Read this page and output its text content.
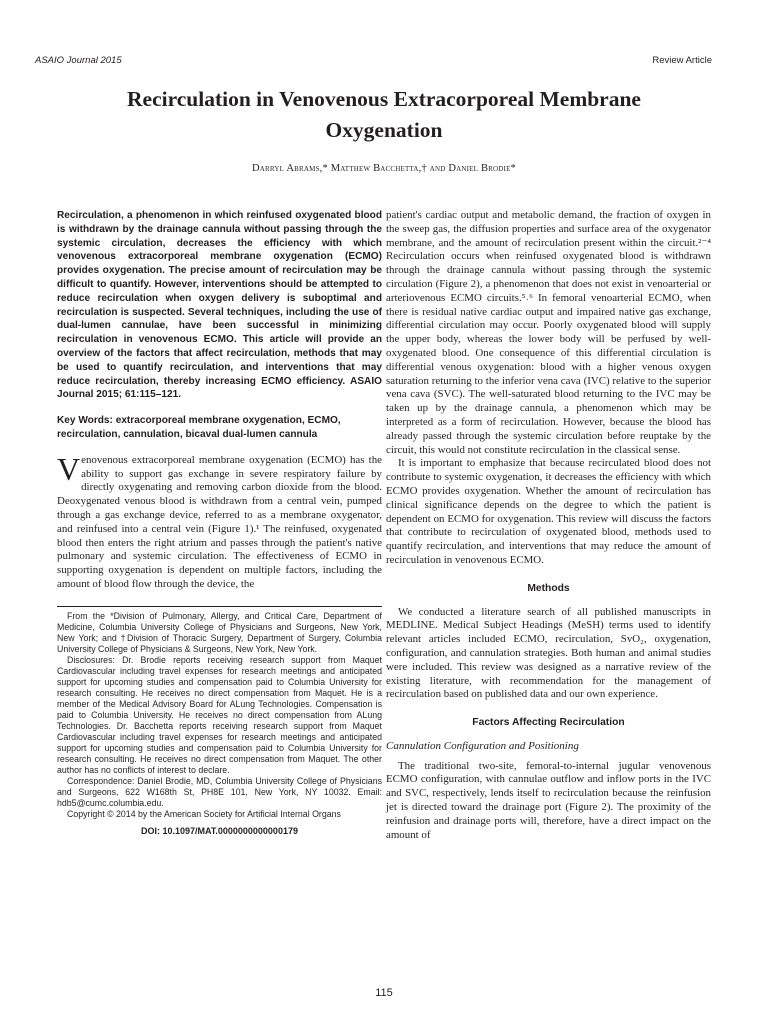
ASAIO Journal 2015	Review Article
Recirculation in Venovenous Extracorporeal Membrane
Oxygenation
Darryl Abrams,* Matthew Bacchetta,† and Daniel Brodie*

Recirculation, a phenomenon in which reinfused oxygenated blood is withdrawn by the drainage cannula without passing through the systemic circulation, decreases the efficiency with which venovenous extracorporeal membrane oxygenation (ECMO) provides oxygenation. The precise amount of recirculation may be difficult to quantify. However, interventions should be attempted to reduce recirculation when oxygen delivery is suboptimal and recirculation is suspected. Several techniques, including the use of dual-lumen cannulae, have been successful in minimizing recirculation in venovenous ECMO. This article will provide an overview of the factors that affect recirculation, methods that may be used to quantify recirculation, and interventions that may reduce recirculation, thereby increasing ECMO efficiency. ASAIO Journal 2015; 61:115–121.

Key Words: extracorporeal membrane oxygenation, ECMO, recirculation, cannulation, bicaval dual-lumen cannula

Venovenous extracorporeal membrane oxygenation (ECMO) has the ability to support gas exchange in severe respiratory failure by directly oxygenating and removing carbon dioxide from the blood. Deoxygenated venous blood is withdrawn from a central vein, pumped through a gas exchange device, referred to as a membrane oxygenator, and reinfused into a central vein (Figure 1).¹ The reinfused, oxygenated blood then enters the right atrium and passes through the patient's native pulmonary and systemic circulation. The effectiveness of ECMO in supporting oxygenation is dependent on multiple factors, including the amount of blood flow through the device, the

From the *Division of Pulmonary, Allergy, and Critical Care, Department of Medicine, Columbia University College of Physicians and Surgeons, New York, New York; and †Division of Thoracic Surgery, Department of Surgery, Columbia University College of Physicians & Surgeons, New York, New York.

Disclosures: Dr. Brodie reports receiving research support from Maquet Cardiovascular including travel expenses for research meetings and anticipated support for upcoming studies and compensation paid to Columbia University for research consulting. He receives no direct compensation from Maquet. He is a member of the Medical Advisory Board for ALung Technologies. Compensation is paid to Columbia University. He receives no direct compensation from ALung Technologies. Dr. Bacchetta reports receiving research support from Maquet Cardiovascular including travel expenses for research meetings and anticipated support for upcoming studies and compensation paid to Columbia University for research consulting. He receives no direct compensation from Maquet. The other author has no conflicts of interest to declare.

Correspondence: Daniel Brodie, MD, Columbia University College of Physicians and Surgeons, 622 W168th St, PH8E 101, New York, NY 10032. Email: hdb5@cumc.columbia.edu.

Copyright © 2014 by the American Society for Artificial Internal Organs

DOI: 10.1097/MAT.0000000000000179

patient's cardiac output and metabolic demand, the fraction of oxygen in the sweep gas, the diffusion properties and surface area of the oxygenator membrane, and the amount of recirculation present within the circuit.²⁻⁴ Recirculation occurs when reinfused oxygenated blood is withdrawn through the drainage cannula without passing through the systemic circulation (Figure 2), a phenomenon that does not exist in venoarterial or arteriovenous ECMO circuits.⁵˒⁶ In femoral venoarterial ECMO, when there is residual native cardiac output and impaired native gas exchange, differential circulation may occur. Poorly oxygenated blood will supply the upper body, whereas the lower body will be perfused by well-oxygenated blood. One consequence of this differential circulation is differential venous oxygenation: blood with a higher venous oxygen saturation returning to the inferior vena cava (IVC) relative to the superior vena cava (SVC). The well-saturated blood returning to the IVC may be taken up by the drainage cannula, a phenomenon which may be interpreted as a form of recirculation. However, because the blood has already passed through the systemic circulation before reuptake by the circuit, this would not constitute recirculation in the classical sense.

It is important to emphasize that because recirculated blood does not contribute to systemic oxygenation, it decreases the efficiency with which ECMO provides oxygenation. Whether the amount of recirculation has clinical significance depends on the degree to which the patient is dependent on ECMO for oxygenation. This review will discuss the factors that contribute to recirculation of oxygenated blood, methods used to quantify recirculation, and interventions that may reduce the amount of recirculation in venovenous ECMO.

Methods

We conducted a literature search of all published manuscripts in MEDLINE. Medical Subject Headings (MeSH) terms used to identify relevant articles included ECMO, recirculation, SvO₂, oxygenation, configuration, and cannulation strategies. Both human and animal studies were included. This review was designed as a narrative review of the existing literature, with recommendation for the management of recirculation based on published data and our own experience.

Factors Affecting Recirculation
Cannulation Configuration and Positioning

The traditional two-site, femoral-to-internal jugular venovenous ECMO configuration, with cannulae outflow and inflow ports in the IVC and SVC, respectively, lends itself to recirculation because the reinfusion jet is directed toward the drainage port (Figure 2). The proximity of the reinfusion and drainage ports will, therefore, have a direct impact on the amount of

115
